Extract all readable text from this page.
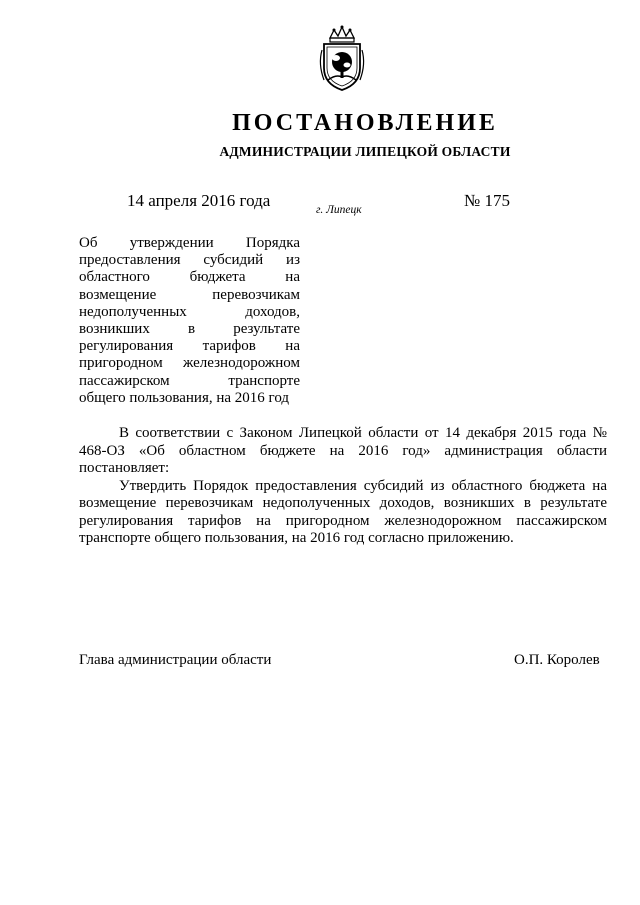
ПОСТАНОВЛЕНИЕ
АДМИНИСТРАЦИИ ЛИПЕЦКОЙ ОБЛАСТИ
14 апреля 2016 года	г. Липецк	№ 175
Об утверждении Порядка
предоставления субсидий из
областного бюджета на
возмещение перевозчикам
недополученных доходов,
возникших в результате
регулирования тарифов на
пригородном железнодорожном
пассажирском транспорте
общего пользования, на 2016 год

В соответствии с Законом Липецкой области от 14 декабря 2015 года № 468-ОЗ «Об областном бюджете на 2016 год» администрация области постановляет:

Утвердить Порядок предоставления субсидий из областного бюджета на возмещение перевозчикам недополученных доходов, возникших в результате регулирования тарифов на пригородном железнодорожном пассажирском транспорте общего пользования, на 2016 год согласно приложению.

Глава администрации области	О.П. Королев
